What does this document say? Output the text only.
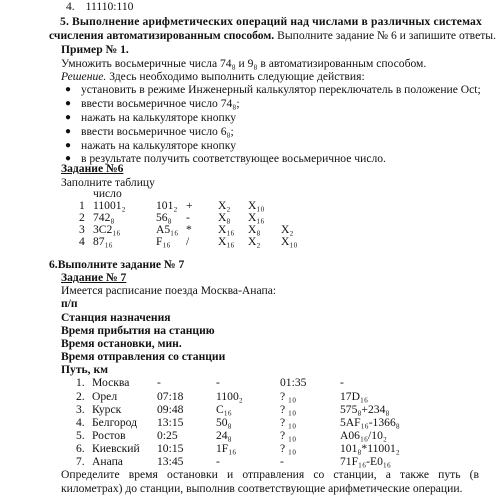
4. 11110:110
5. Выполнение арифметических операций над числами в различных системах
счисления автоматизированным способом. Выполните задание № 6 и запишите ответы.
Пример № 1.
Умножить восьмеричные числа 74₈ и 9₈ в автоматизированным способом.
Решение. Здесь необходимо выполнить следующие действия:
● установить в режиме Инженерный калькулятор переключатель в положение Oct;
● ввести восьмеричное число 74₈;
● нажать на калькуляторе кнопку
● ввести восьмеричное число 6₈;
● нажать на калькуляторе кнопку
● в результате получить соответствующее восьмеричное число.
Задание №6
Заполните таблицу
число
1 11001₂	101₂ + X₂ X₁₀
2 742₈	56₈ - X₈ X₁₆
3 3C2₁₆	A5₁₆ * X₁₆ X₈ X₂
4 87₁₆	F₁₆ / X₁₆ X₂ X₁₀
6.Выполните задание № 7
Задание № 7
Имеется расписание поезда Москва-Анапа:
п/п
Станция назначения
Время прибытия на станцию
Время остановки, мин.
Время отправления со станции
Путь, км
1. Москва -	-	01:35	-
2. Орел	07:18	1100₂	? ₁₀	17D₁₆
3. Курск	09:48	C₁₆	? ₁₀	575₈+234₈
4. Белгород 13:15	50₈	? ₁₀	5AF₁₆-1366₈
5. Ростов	0:25	24₈	? ₁₀	A06₁₆/10₂
6. Киевский 10:15	1F₁₆	? ₁₀	101₈*11001₂
7. Анапа	13:45	-	-	71F₁₆-E0₁₆
Определите время остановки и отправления со станции, а также путь (в километрах) до станции, выполнив соответствующие арифметические операции.
